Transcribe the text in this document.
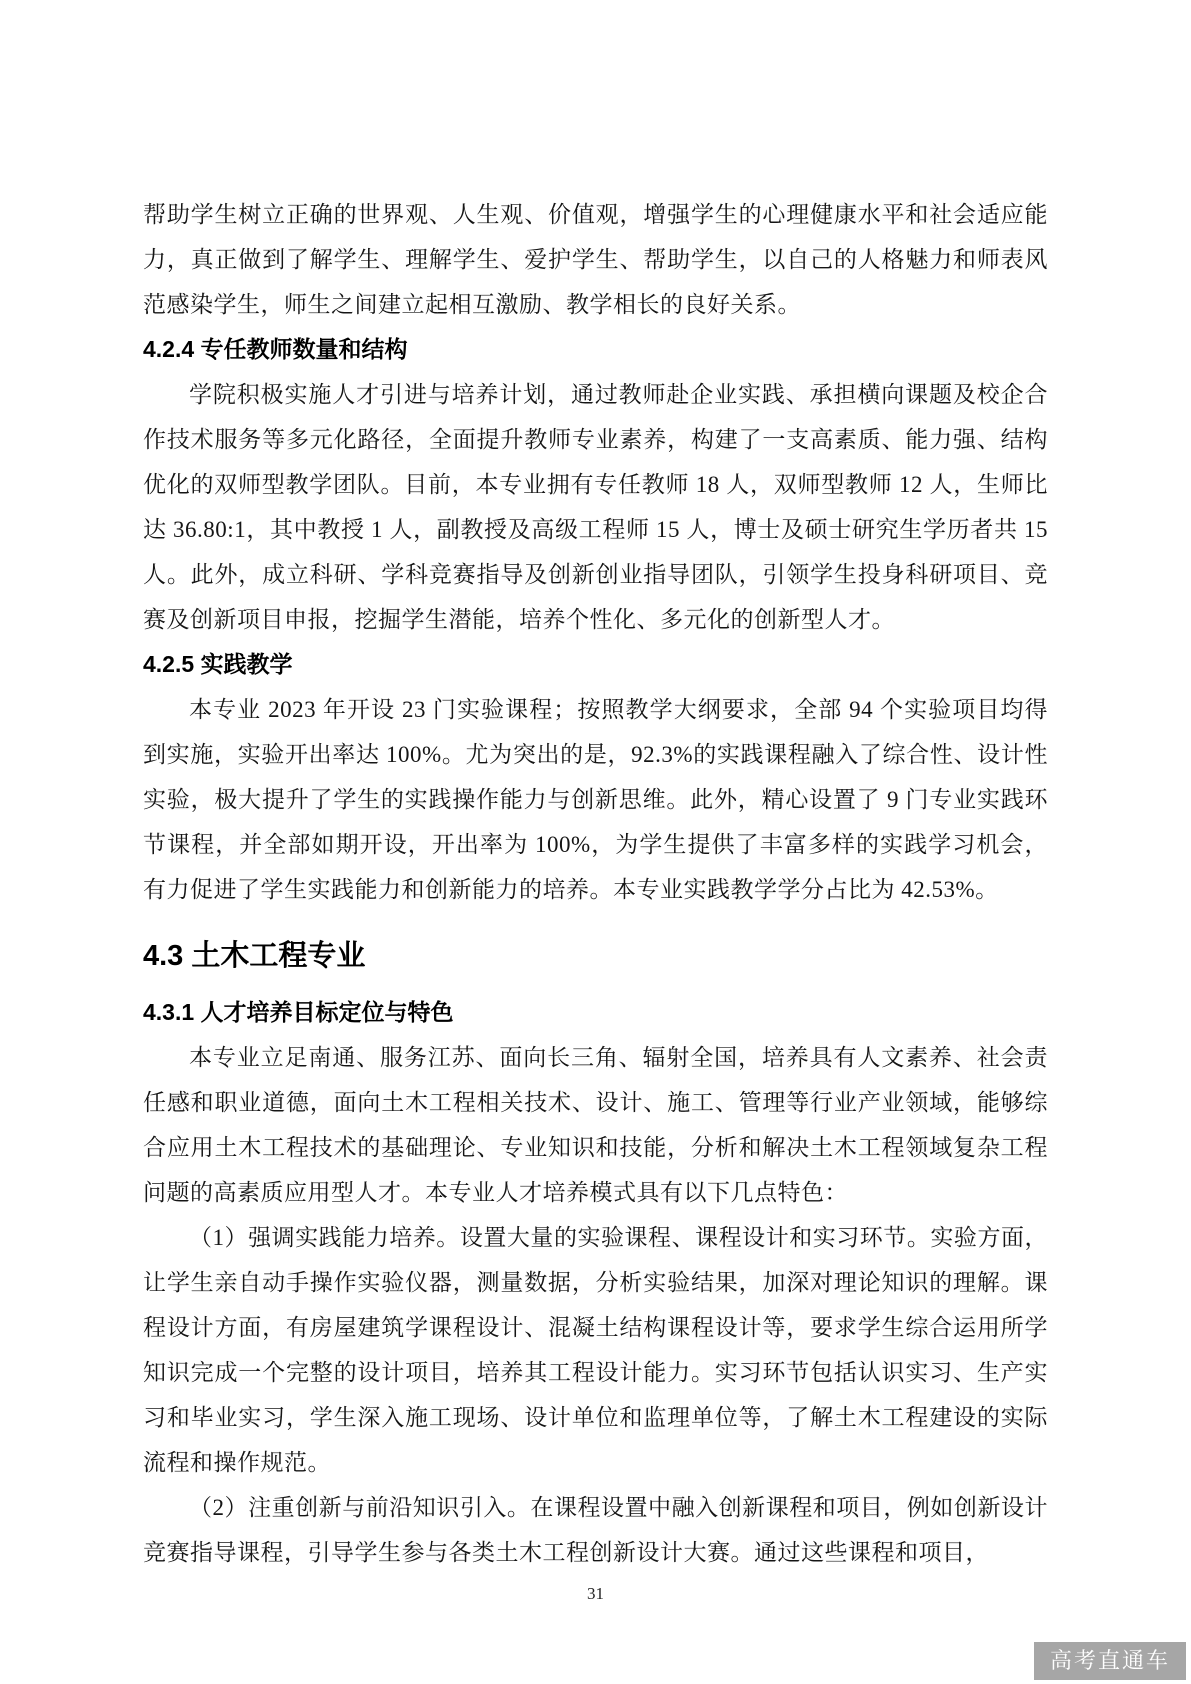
帮助学生树立正确的世界观、人生观、价值观，增强学生的心理健康水平和社会适应能力，真正做到了解学生、理解学生、爱护学生、帮助学生，以自己的人格魅力和师表风范感染学生，师生之间建立起相互激励、教学相长的良好关系。

4.2.4 专任教师数量和结构

学院积极实施人才引进与培养计划，通过教师赴企业实践、承担横向课题及校企合作技术服务等多元化路径，全面提升教师专业素养，构建了一支高素质、能力强、结构优化的双师型教学团队。目前，本专业拥有专任教师 18 人，双师型教师 12 人，生师比达 36.80:1，其中教授 1 人，副教授及高级工程师 15 人，博士及硕士研究生学历者共 15 人。此外，成立科研、学科竞赛指导及创新创业指导团队，引领学生投身科研项目、竞赛及创新项目申报，挖掘学生潜能，培养个性化、多元化的创新型人才。

4.2.5 实践教学

本专业 2023 年开设 23 门实验课程；按照教学大纲要求，全部 94 个实验项目均得到实施，实验开出率达 100%。尤为突出的是，92.3%的实践课程融入了综合性、设计性实验，极大提升了学生的实践操作能力与创新思维。此外，精心设置了 9 门专业实践环节课程，并全部如期开设，开出率为 100%，为学生提供了丰富多样的实践学习机会，有力促进了学生实践能力和创新能力的培养。本专业实践教学学分占比为 42.53%。

4.3 土木工程专业
4.3.1 人才培养目标定位与特色

本专业立足南通、服务江苏、面向长三角、辐射全国，培养具有人文素养、社会责任感和职业道德，面向土木工程相关技术、设计、施工、管理等行业产业领域，能够综合应用土木工程技术的基础理论、专业知识和技能，分析和解决土木工程领域复杂工程问题的高素质应用型人才。本专业人才培养模式具有以下几点特色：

（1）强调实践能力培养。设置大量的实验课程、课程设计和实习环节。实验方面，让学生亲自动手操作实验仪器，测量数据，分析实验结果，加深对理论知识的理解。课程设计方面，有房屋建筑学课程设计、混凝土结构课程设计等，要求学生综合运用所学知识完成一个完整的设计项目，培养其工程设计能力。实习环节包括认识实习、生产实习和毕业实习，学生深入施工现场、设计单位和监理单位等，了解土木工程建设的实际流程和操作规范。

（2）注重创新与前沿知识引入。在课程设置中融入创新课程和项目，例如创新设计竞赛指导课程，引导学生参与各类土木工程创新设计大赛。通过这些课程和项目，

31
高考直通车
